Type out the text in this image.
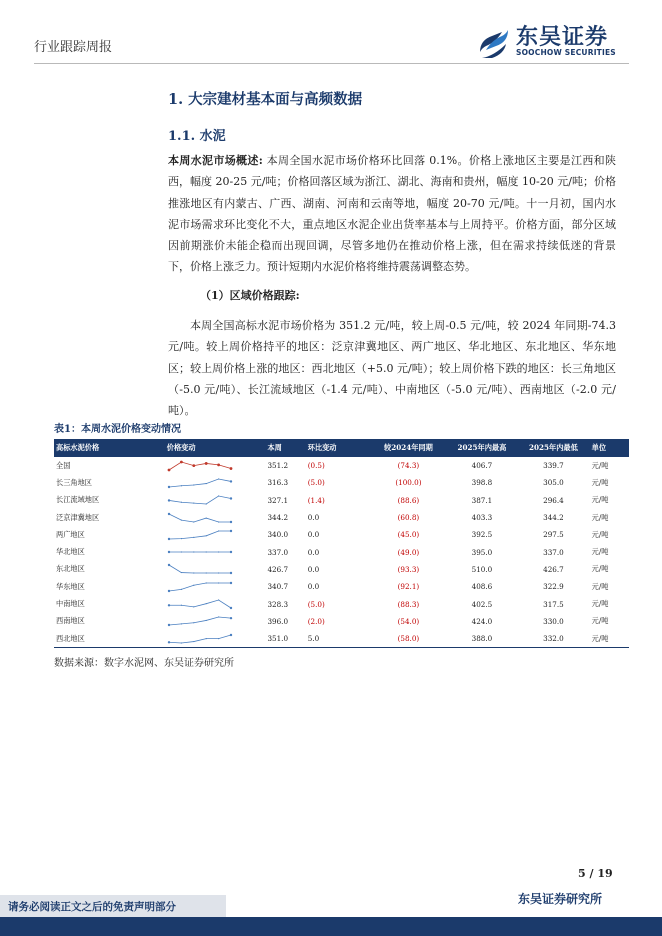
行业跟踪周报	东吴证券
SOOCHOW SECURITIES
1. 大宗建材基本面与高频数据
1.1. 水泥
本周水泥市场概述: 本周全国水泥市场价格环比回落 0.1%。价格上涨地区主要是江西和陕西，幅度 20-25 元/吨；价格回落区域为浙江、湖北、海南和贵州，幅度 10-20 元/吨；价格推涨地区有内蒙古、广西、湖南、河南和云南等地，幅度 20-70 元/吨。十一月初，国内水泥市场需求环比变化不大，重点地区水泥企业出货率基本与上周持平。价格方面，部分区域因前期涨价未能企稳而出现回调，尽管多地仍在推动价格上涨，但在需求持续低迷的背景下，价格上涨乏力。预计短期内水泥价格将维持震荡调整态势。
（1）区域价格跟踪:
本周全国高标水泥市场价格为 351.2 元/吨，较上周-0.5 元/吨，较 2024 年同期-74.3 元/吨。较上周价格持平的地区：泛京津冀地区、两广地区、华北地区、东北地区、华东地区；较上周价格上涨的地区：西北地区（+5.0 元/吨）；较上周价格下跌的地区：长三角地区（-5.0 元/吨）、长江流域地区（-1.4 元/吨）、中南地区（-5.0 元/吨）、西南地区（-2.0 元/吨）。
表1：本周水泥价格变动情况
高标水泥价格	价格变动	本周	环比变动	较2024年同期	2025年内最高	2025年内最低	单位
全国		351.2	(0.5)	(74.3)	406.7	339.7	元/吨
长三角地区		316.3	(5.0)	(100.0)	398.8	305.0	元/吨
长江流域地区		327.1	(1.4)	(88.6)	387.1	296.4	元/吨
泛京津冀地区		344.2	0.0	(60.8)	403.3	344.2	元/吨
两广地区		340.0	0.0	(45.0)	392.5	297.5	元/吨
华北地区		337.0	0.0	(49.0)	395.0	337.0	元/吨
东北地区		426.7	0.0	(93.3)	510.0	426.7	元/吨
华东地区		340.7	0.0	(92.1)	408.6	322.9	元/吨
中南地区		328.3	(5.0)	(88.3)	402.5	317.5	元/吨
西南地区		396.0	(2.0)	(54.0)	424.0	330.0	元/吨
西北地区		351.0	5.0	(58.0)	388.0	332.0	元/吨
数据来源：数字水泥网、东吴证券研究所
5 / 19
东吴证券研究所
请务必阅读正文之后的免责声明部分
